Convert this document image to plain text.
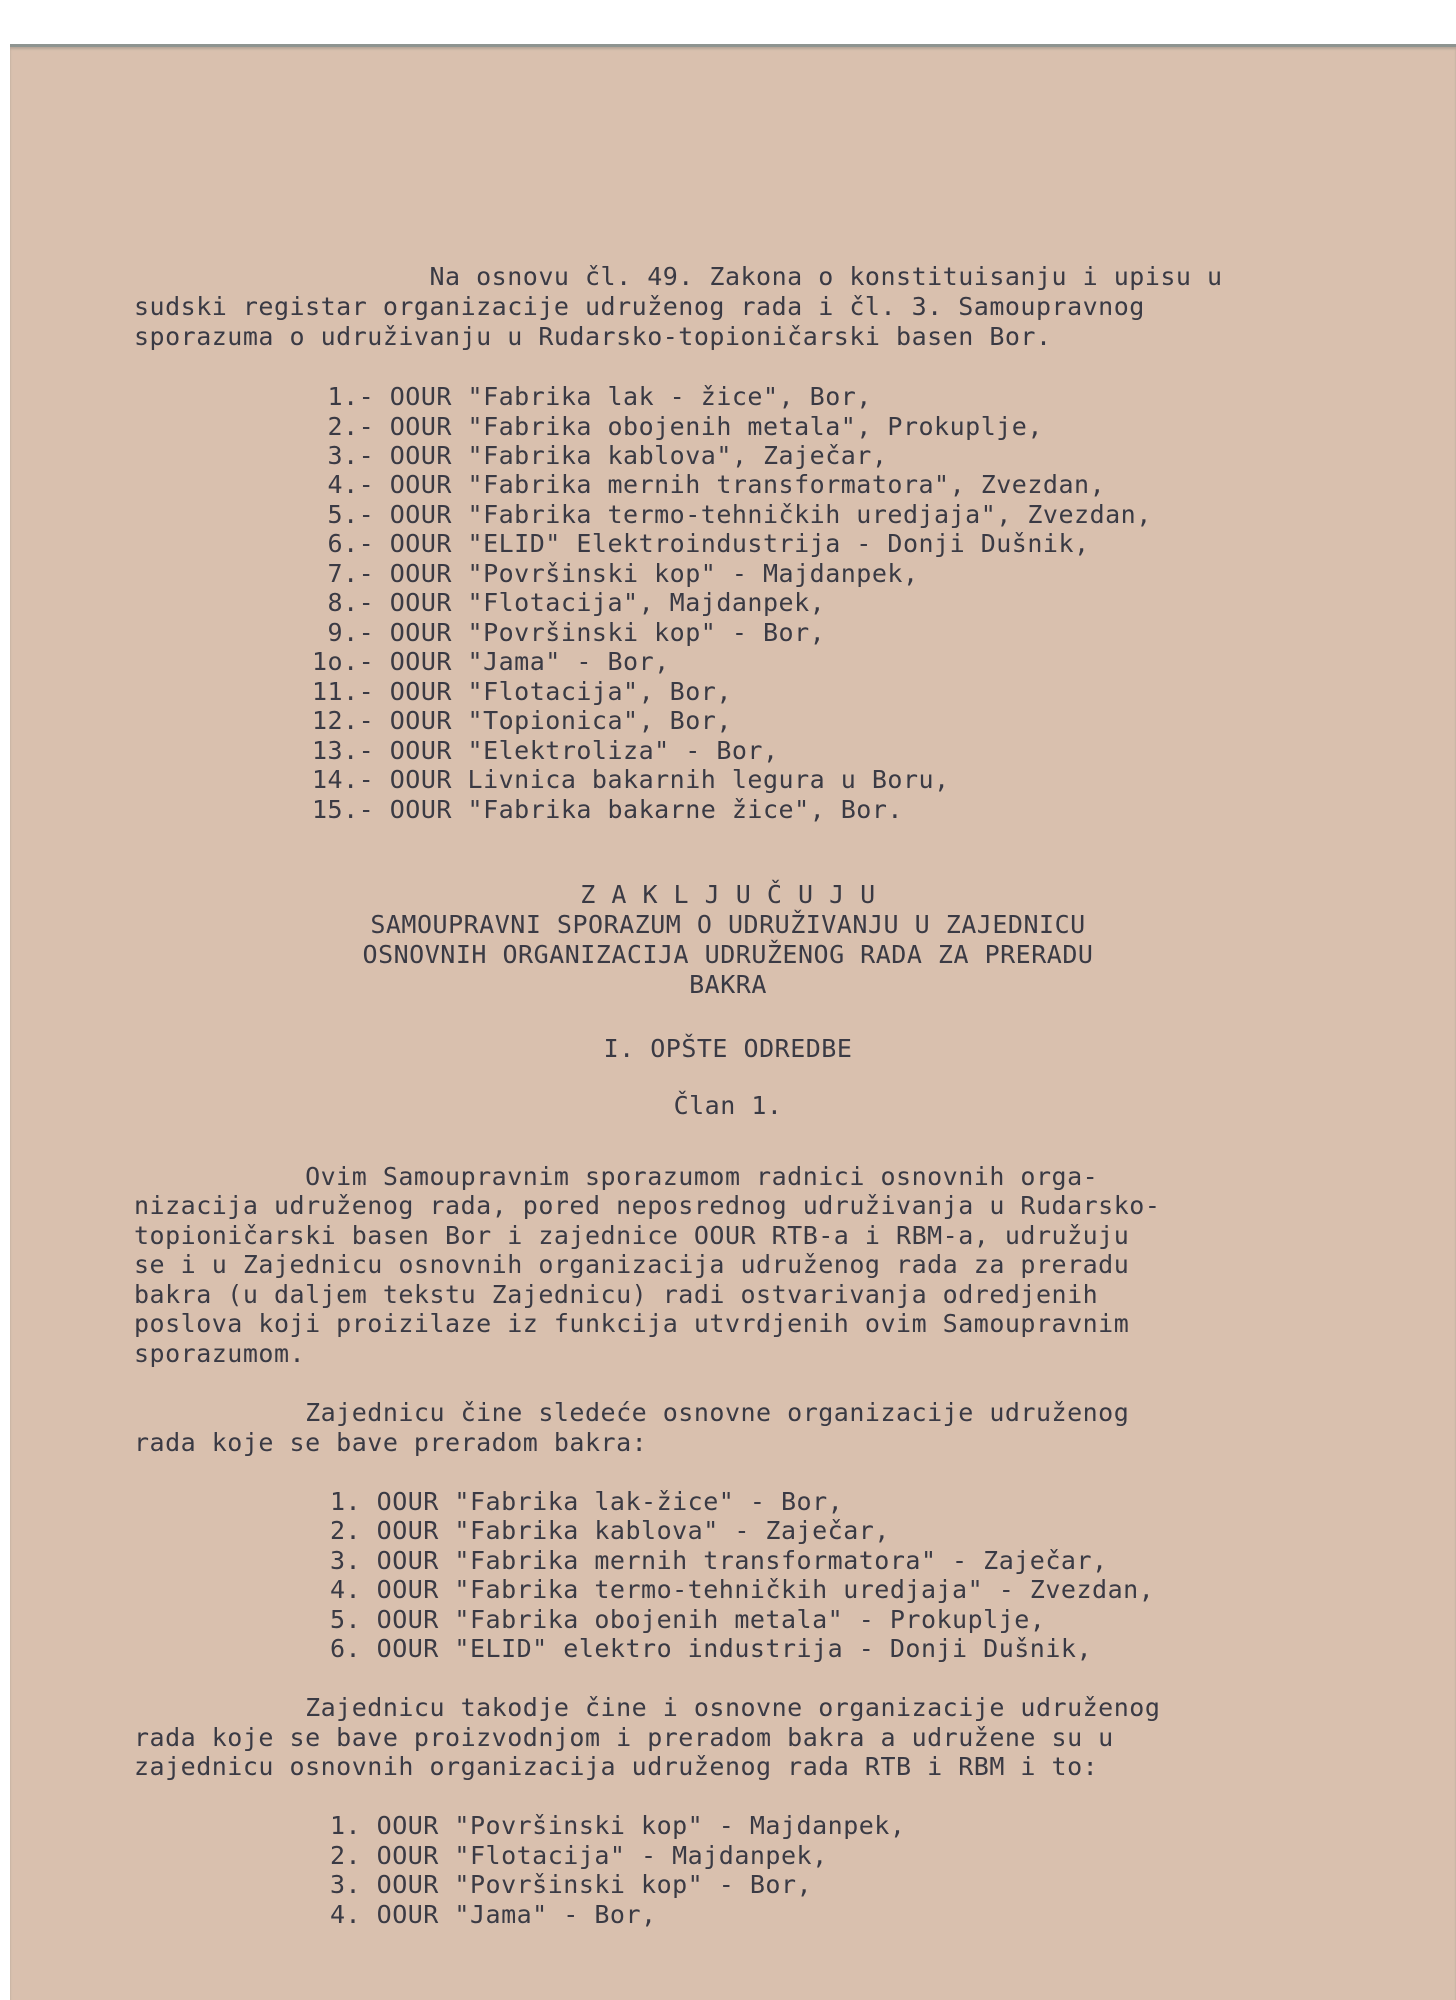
Na osnovu čl. 49. Zakona o konstituisanju i upisu u
sudski registar organizacije udruženog rada i čl. 3. Samoupravnog
sporazuma o udruživanju u Rudarsko-topioničarski basen Bor.
1.- OOUR "Fabrika lak - žice", Bor,
2.- OOUR "Fabrika obojenih metala", Prokuplje,
3.- OOUR "Fabrika kablova", Zaječar,
4.- OOUR "Fabrika mernih transformatora", Zvezdan,
5.- OOUR "Fabrika termo-tehničkih uredjaja", Zvezdan,
6.- OOUR "ELID" Elektroindustrija - Donji Dušnik,
7.- OOUR "Površinski kop" - Majdanpek,
8.- OOUR "Flotacija", Majdanpek,
9.- OOUR "Površinski kop" - Bor,
1o.- OOUR "Jama" - Bor,
11.- OOUR "Flotacija", Bor,
12.- OOUR "Topionica", Bor,
13.- OOUR "Elektroliza" - Bor,
14.- OOUR Livnica bakarnih legura u Boru,
15.- OOUR "Fabrika bakarne žice", Bor.
Z A K L J U Č U J U
SAMOUPRAVNI SPORAZUM O UDRUŽIVANJU U ZAJEDNICU
OSNOVNIH ORGANIZACIJA UDRUŽENOG RADA ZA PRERADU
BAKRA
I. OPŠTE ODREDBE
Član 1.
Ovim Samoupravnim sporazumom radnici osnovnih orga-
nizacija udruženog rada, pored neposrednog udruživanja u Rudarsko-
topioničarski basen Bor i zajednice OOUR RTB-a i RBM-a, udružuju
se i u Zajednicu osnovnih organizacija udruženog rada za preradu
bakra (u daljem tekstu Zajednicu) radi ostvarivanja odredjenih
poslova koji proizilaze iz funkcija utvrdjenih ovim Samoupravnim
sporazumom.
Zajednicu čine sledeće osnovne organizacije udruženog
rada koje se bave preradom bakra:
1. OOUR "Fabrika lak-žice" - Bor,
2. OOUR "Fabrika kablova" - Zaječar,
3. OOUR "Fabrika mernih transformatora" - Zaječar,
4. OOUR "Fabrika termo-tehničkih uredjaja" - Zvezdan,
5. OOUR "Fabrika obojenih metala" - Prokuplje,
6. OOUR "ELID" elektro industrija - Donji Dušnik,
Zajednicu takodje čine i osnovne organizacije udruženog
rada koje se bave proizvodnjom i preradom bakra a udružene su u
zajednicu osnovnih organizacija udruženog rada RTB i RBM i to:
1. OOUR "Površinski kop" - Majdanpek,
2. OOUR "Flotacija" - Majdanpek,
3. OOUR "Površinski kop" - Bor,
4. OOUR "Jama" - Bor,
